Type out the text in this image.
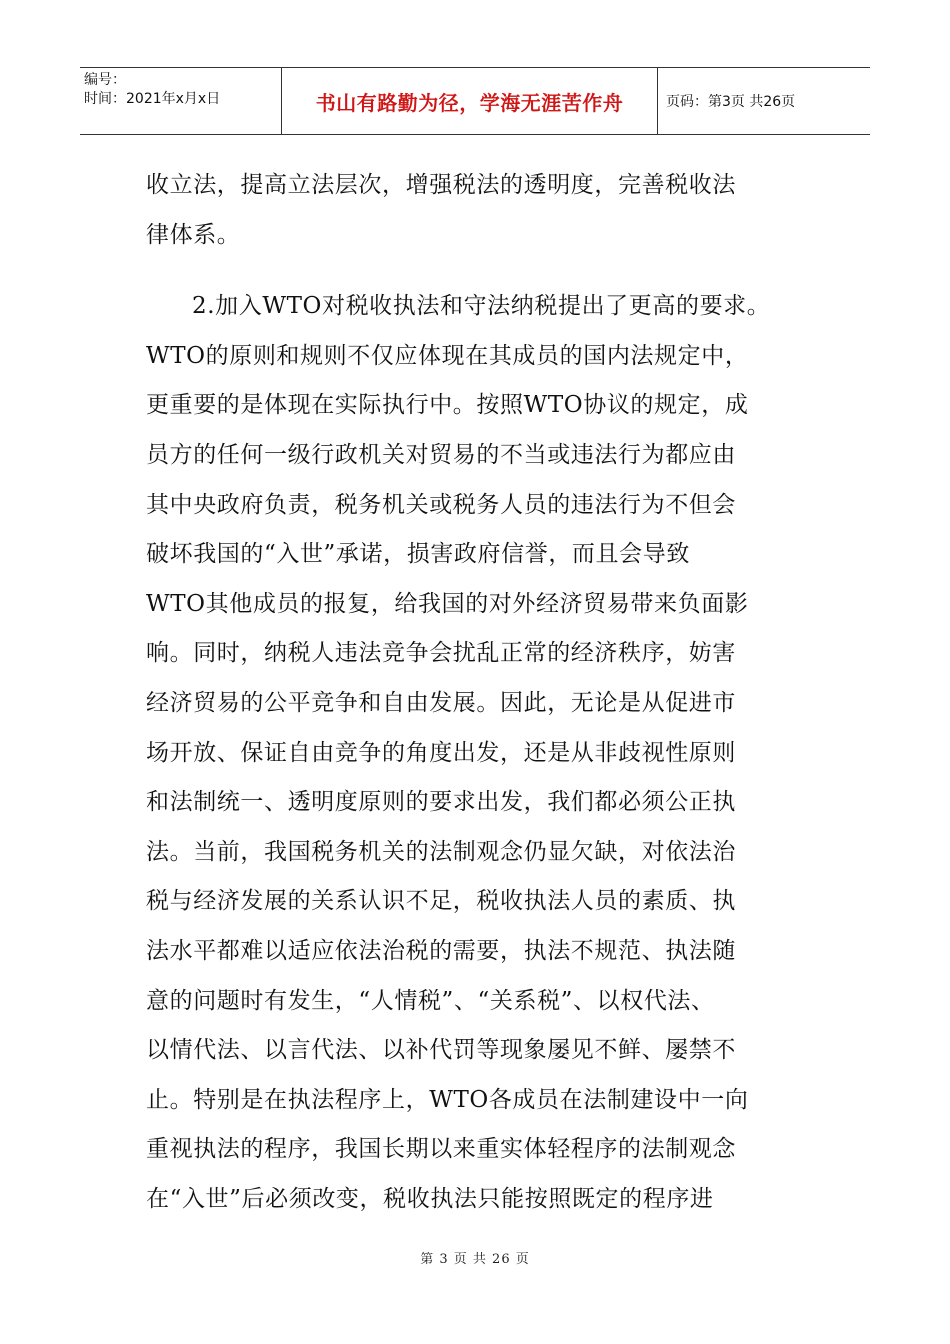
编号：
时间：2021年x月x日	书山有路勤为径，学海无涯苦作舟	页码：第3页 共26页
收立法，提高立法层次，增强税法的透明度，完善税收法
律体系。
2.加入WTO对税收执法和守法纳税提出了更高的要求。
WTO的原则和规则不仅应体现在其成员的国内法规定中，
更重要的是体现在实际执行中。按照WTO协议的规定，成
员方的任何一级行政机关对贸易的不当或违法行为都应由
其中央政府负责，税务机关或税务人员的违法行为不但会
破坏我国的“入世”承诺，损害政府信誉，而且会导致
WTO其他成员的报复，给我国的对外经济贸易带来负面影
响。同时，纳税人违法竞争会扰乱正常的经济秩序，妨害
经济贸易的公平竞争和自由发展。因此，无论是从促进市
场开放、保证自由竞争的角度出发，还是从非歧视性原则
和法制统一、透明度原则的要求出发，我们都必须公正执
法。当前，我国税务机关的法制观念仍显欠缺，对依法治
税与经济发展的关系认识不足，税收执法人员的素质、执
法水平都难以适应依法治税的需要，执法不规范、执法随
意的问题时有发生，“人情税”、“关系税”、以权代法、
以情代法、以言代法、以补代罚等现象屡见不鲜、屡禁不
止。特别是在执法程序上，WTO各成员在法制建设中一向
重视执法的程序，我国长期以来重实体轻程序的法制观念
在“入世”后必须改变，税收执法只能按照既定的程序进
第 3 页 共 26 页
